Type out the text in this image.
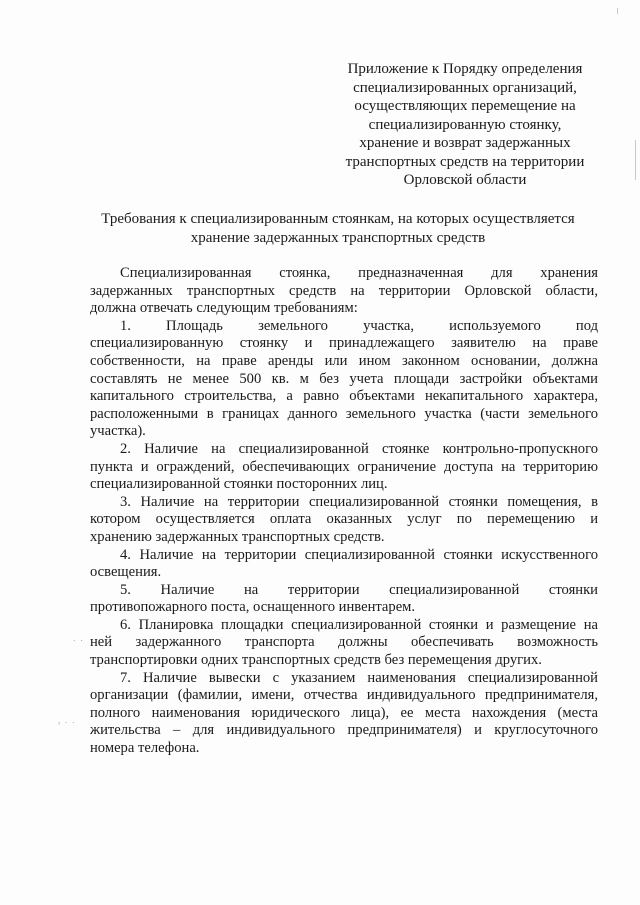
˙ ˙
ʾ ˙ ˙
Приложение к Порядку определения
специализированных организаций,
осуществляющих перемещение на
специализированную стоянку,
хранение и возврат задержанных
транспортных средств на территории
Орловской области
Требования к специализированным стоянкам, на которых осуществляется
хранение задержанных транспортных средств
Специализированная стоянка, предназначенная для хранения
задержанных транспортных средств на территории Орловской области,
должна отвечать следующим требованиям:
1. Площадь земельного участка, используемого под
специализированную стоянку и принадлежащего заявителю на праве
собственности, на праве аренды или ином законном основании, должна
составлять не менее 500 кв. м без учета площади застройки объектами
капитального строительства, а равно объектами некапитального характера,
расположенными в границах данного земельного участка (части земельного
участка).
2. Наличие на специализированной стоянке контрольно-пропускного
пункта и ограждений, обеспечивающих ограничение доступа на территорию
специализированной стоянки посторонних лиц.
3. Наличие на территории специализированной стоянки помещения, в
котором осуществляется оплата оказанных услуг по перемещению и
хранению задержанных транспортных средств.
4. Наличие на территории специализированной стоянки искусственного
освещения.
5. Наличие на территории специализированной стоянки
противопожарного поста, оснащенного инвентарем.
6. Планировка площадки специализированной стоянки и размещение на
ней задержанного транспорта должны обеспечивать возможность
транспортировки одних транспортных средств без перемещения других.
7. Наличие вывески с указанием наименования специализированной
организации (фамилии, имени, отчества индивидуального предпринимателя,
полного наименования юридического лица), ее места нахождения (места
жительства – для индивидуального предпринимателя) и круглосуточного
номера телефона.
